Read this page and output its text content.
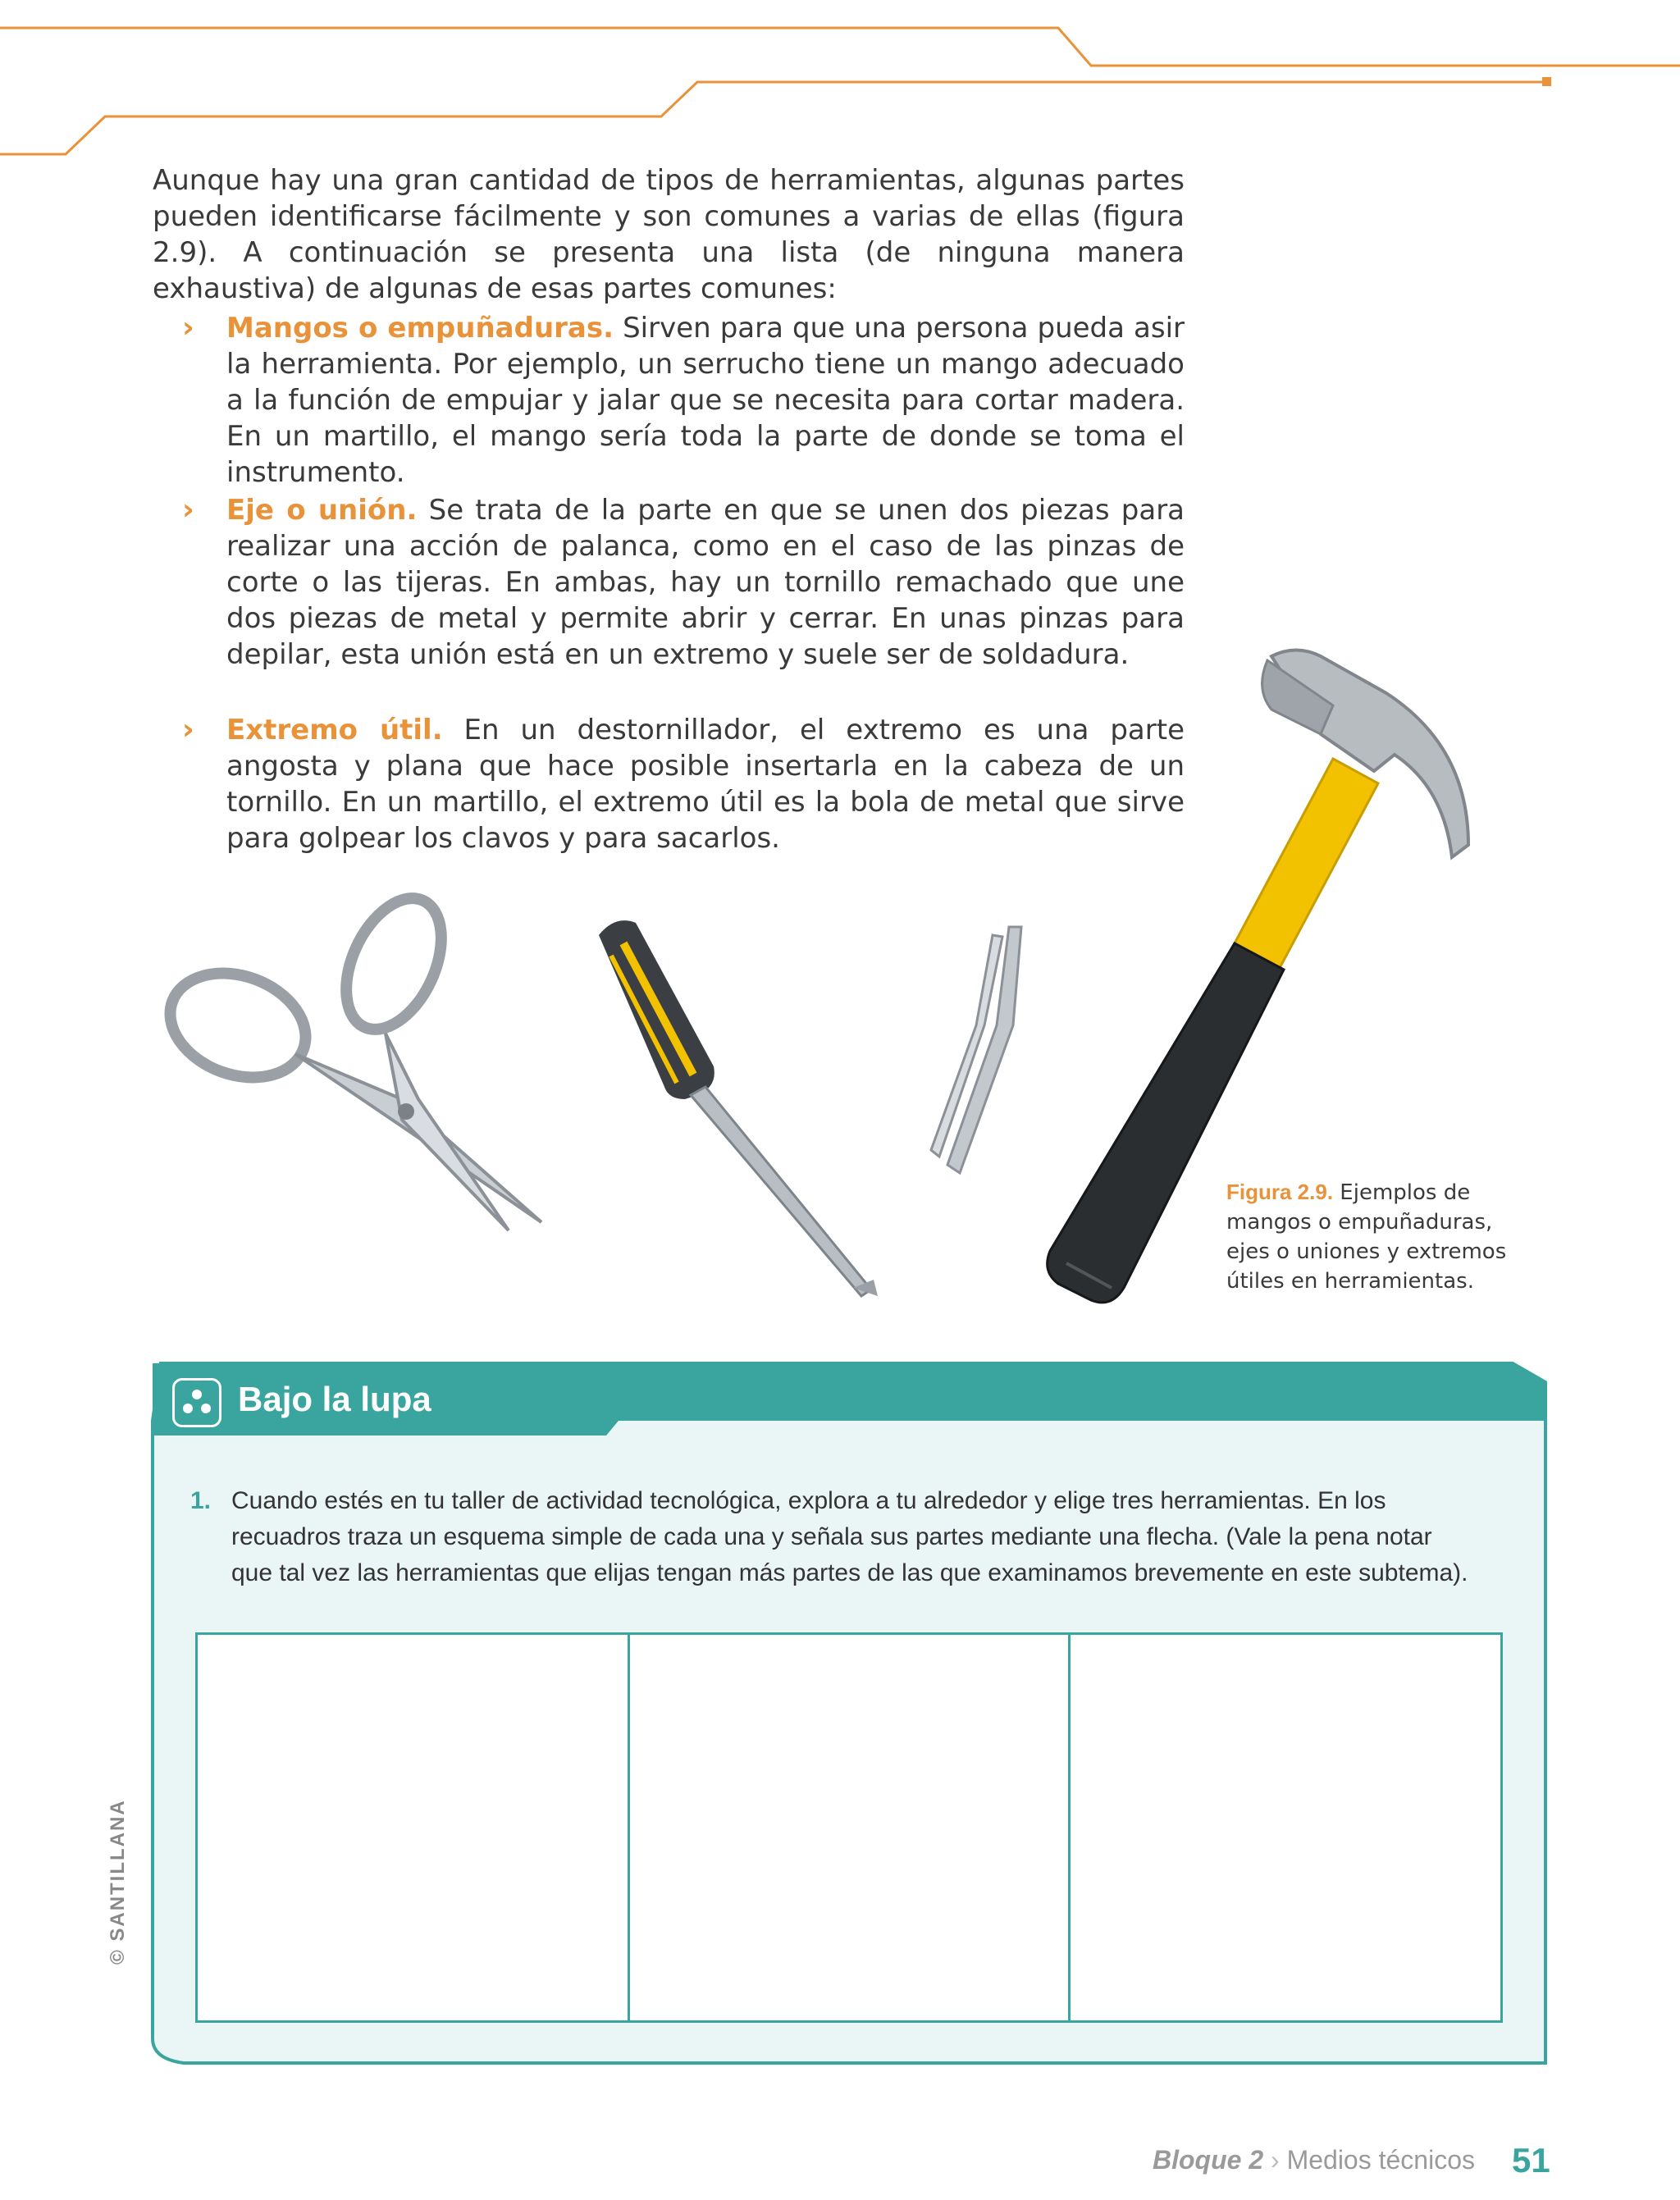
Aunque hay una gran cantidad de tipos de herramientas, algunas partes pueden identificarse fácilmente y son comunes a varias de ellas (figura 2.9). A continuación se presenta una lista (de ninguna manera exhaustiva) de algunas de esas partes comunes:
› Mangos o empuñaduras. Sirven para que una persona pueda asir la herramienta. Por ejemplo, un serrucho tiene un mango adecuado a la función de empujar y jalar que se necesita para cortar madera. En un martillo, el mango sería toda la parte de donde se toma el instrumento.
› Eje o unión. Se trata de la parte en que se unen dos piezas para realizar una acción de palanca, como en el caso de las pinzas de corte o las tijeras. En ambas, hay un tornillo remachado que une dos piezas de metal y permite abrir y cerrar. En unas pinzas para depilar, esta unión está en un extremo y suele ser de soldadura.
› Extremo útil. En un destornillador, el extremo es una parte angosta y plana que hace posible insertarla en la cabeza de un tornillo. En un martillo, el extremo útil es la bola de metal que sirve para golpear los clavos y para sacarlos.
Figura 2.9. Ejemplos de mangos o empuñaduras, ejes o uniones y extremos útiles en herramientas.
Bajo la lupa
1. Cuando estés en tu taller de actividad tecnológica, explora a tu alrededor y elige tres herramientas. En los recuadros traza un esquema simple de cada una y señala sus partes mediante una flecha. (Vale la pena notar que tal vez las herramientas que elijas tengan más partes de las que examinamos brevemente en este subtema).
© SANTILLANA
Bloque 2 › Medios técnicos 51
